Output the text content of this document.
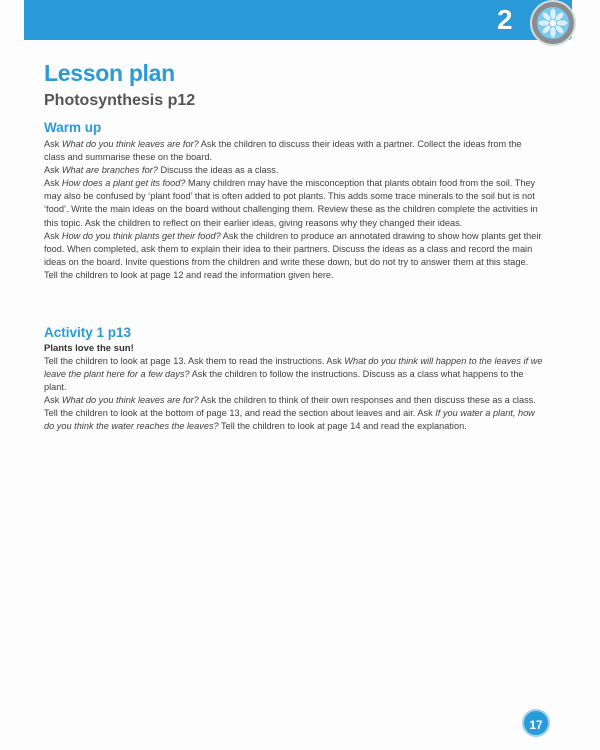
2
Lesson plan
Photosynthesis p12
Warm up

Ask What do you think leaves are for? Ask the children to discuss their ideas with a partner. Collect the ideas from the class and summarise these on the board.

Ask What are branches for? Discuss the ideas as a class.

Ask How does a plant get its food? Many children may have the misconception that plants obtain food from the soil. They may also be confused by ‘plant food’ that is often added to pot plants. This adds some trace minerals to the soil but is not ‘food’. Write the main ideas on the board without challenging them. Review these as the children complete the activities in this topic. Ask the children to reflect on their earlier ideas, giving reasons why they changed their ideas.

Ask How do you think plants get their food? Ask the children to produce an annotated drawing to show how plants get their food. When completed, ask them to explain their idea to their partners. Discuss the ideas as a class and record the main ideas on the board. Invite questions from the children and write these down, but do not try to answer them at this stage.

Tell the children to look at page 12 and read the information given here.

Activity 1 p13
Plants love the sun!

Tell the children to look at page 13. Ask them to read the instructions. Ask What do you think will happen to the leaves if we leave the plant here for a few days? Ask the children to follow the instructions. Discuss as a class what happens to the plant.

Ask What do you think leaves are for? Ask the children to think of their own responses and then discuss these as a class. Tell the children to look at the bottom of page 13, and read the section about leaves and air. Ask If you water a plant, how do you think the water reaches the leaves? Tell the children to look at page 14 and read the explanation.

17
